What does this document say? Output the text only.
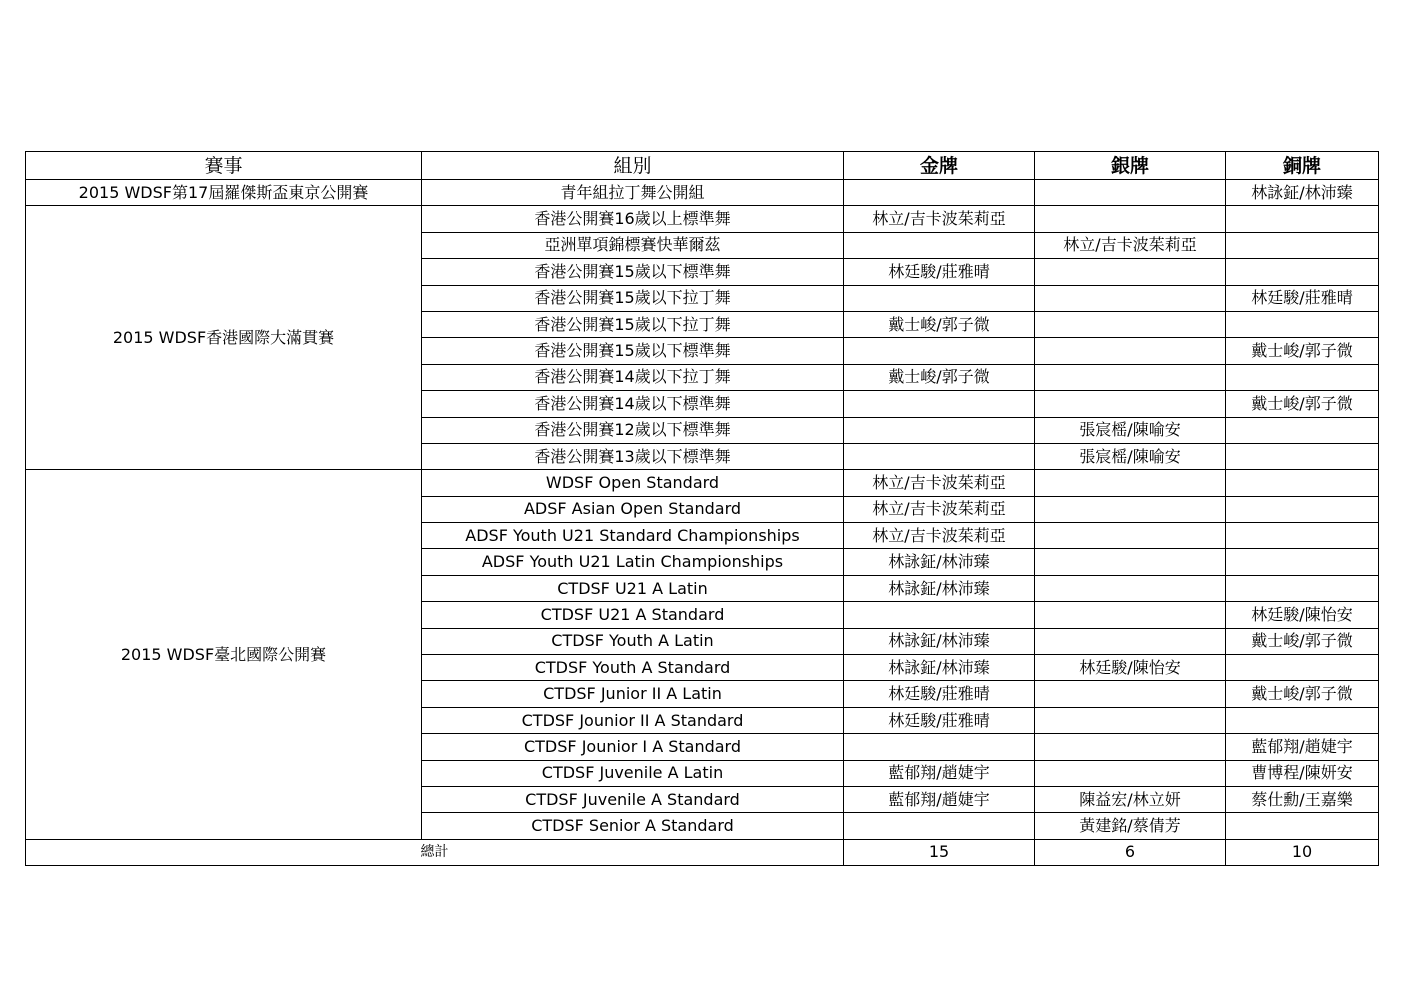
賽事	組別	金牌	銀牌	銅牌
2015 WDSF第17屆羅傑斯盃東京公開賽	青年組拉丁舞公開組			林詠鉦/林沛臻
2015 WDSF香港國際大滿貫賽	香港公開賽16歲以上標準舞	林立/吉卡波茱莉亞		
	亞洲單項錦標賽快華爾茲		林立/吉卡波茱莉亞	
	香港公開賽15歲以下標準舞	林廷駿/莊雅晴		
	香港公開賽15歲以下拉丁舞			林廷駿/莊雅晴
	香港公開賽15歲以下拉丁舞	戴士峻/郭子微		
	香港公開賽15歲以下標準舞			戴士峻/郭子微
	香港公開賽14歲以下拉丁舞	戴士峻/郭子微		
	香港公開賽14歲以下標準舞			戴士峻/郭子微
	香港公開賽12歲以下標準舞		張宸榣/陳喻安	
	香港公開賽13歲以下標準舞		張宸榣/陳喻安	
2015 WDSF臺北國際公開賽	WDSF Open Standard	林立/吉卡波茱莉亞		
	ADSF Asian Open Standard	林立/吉卡波茱莉亞		
	ADSF Youth U21 Standard Championships	林立/吉卡波茱莉亞		
	ADSF Youth U21 Latin Championships	林詠鉦/林沛臻		
	CTDSF U21 A Latin	林詠鉦/林沛臻		
	CTDSF U21 A Standard			林廷駿/陳怡安
	CTDSF Youth A Latin	林詠鉦/林沛臻		戴士峻/郭子微
	CTDSF Youth A Standard	林詠鉦/林沛臻	林廷駿/陳怡安	
	CTDSF Junior II A Latin	林廷駿/莊雅晴		戴士峻/郭子微
	CTDSF Jounior II A Standard	林廷駿/莊雅晴		
	CTDSF Jounior I A Standard			藍郁翔/趙婕宇
	CTDSF Juvenile A Latin	藍郁翔/趙婕宇		曹博程/陳妍安
	CTDSF Juvenile A Standard	藍郁翔/趙婕宇	陳益宏/林立妍	蔡仕勳/王嘉樂
	CTDSF Senior A Standard		黃建銘/蔡倩芳	
總計		15	6	10
